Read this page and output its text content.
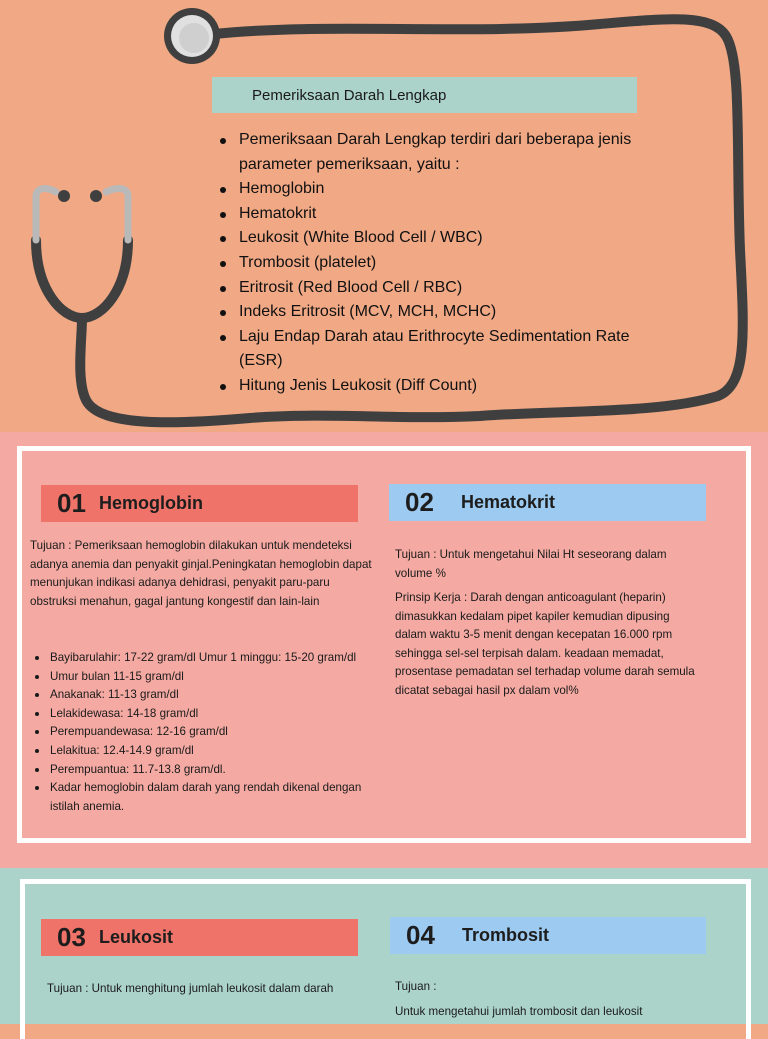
Pemeriksaan Darah Lengkap
Pemeriksaan Darah Lengkap terdiri dari beberapa jenis parameter pemeriksaan, yaitu :
Hemoglobin
Hematokrit
Leukosit (White Blood Cell / WBC)
Trombosit (platelet)
Eritrosit (Red Blood Cell / RBC)
Indeks Eritrosit (MCV, MCH, MCHC)
Laju Endap Darah atau Erithrocyte Sedimentation Rate (ESR)
Hitung Jenis Leukosit (Diff Count)
01 Hemoglobin

Tujuan : Pemeriksaan hemoglobin dilakukan untuk mendeteksi adanya anemia dan penyakit ginjal.Peningkatan hemoglobin dapat menunjukan indikasi adanya dehidrasi, penyakit paru-paru obstruksi menahun, gagal jantung kongestif dan lain-lain

Bayibarulahir: 17-22 gram/dl Umur 1 minggu: 15-20 gram/dl
Umur bulan 11-15 gram/dl
Anakanak: 11-13 gram/dl
Lelakidewasa: 14-18 gram/dl
Perempuandewasa: 12-16 gram/dl
Lelakitua: 12.4-14.9 gram/dl
Perempuantua: 11.7-13.8 gram/dl.
Kadar hemoglobin dalam darah yang rendah dikenal dengan istilah anemia.
02	Hematokrit

Tujuan : Untuk mengetahui Nilai Ht seseorang dalam volume %

Prinsip Kerja : Darah dengan anticoagulant (heparin) dimasukkan kedalam pipet kapiler kemudian dipusing dalam waktu 3-5 menit dengan kecepatan 16.000 rpm sehingga sel-sel terpisah dalam. keadaan memadat, prosentase pemadatan sel terhadap volume darah semula dicatat sebagai hasil px dalam vol%

03 Leukosit

Tujuan : Untuk menghitung jumlah leukosit dalam darah

04	Trombosit

Tujuan :

Untuk mengetahui jumlah trombosit dan leukosit
